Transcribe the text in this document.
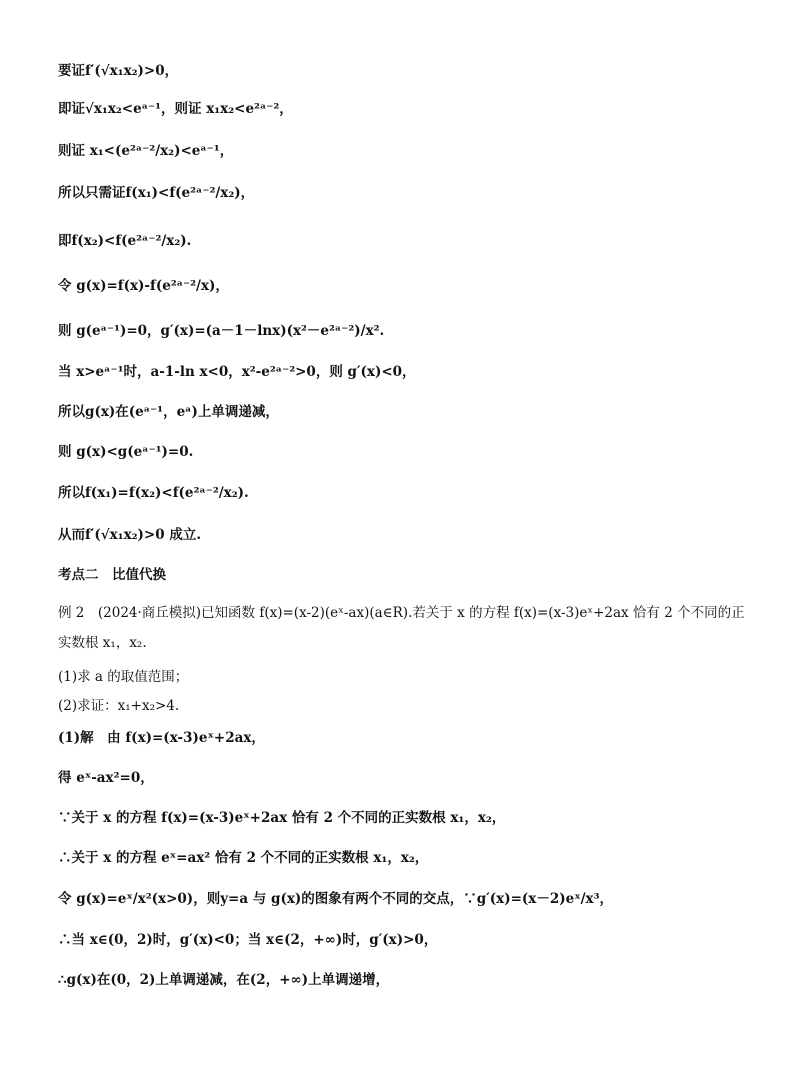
要证f′(√x₁x₂)>0，
即证√x₁x₂<eᵃ⁻¹，则证 x₁x₂<e²ᵃ⁻²，
则证 x₁<(e²ᵃ⁻²/x₂)<eᵃ⁻¹，
所以只需证f(x₁)<f(e²ᵃ⁻²/x₂)，
即f(x₂)<f(e²ᵃ⁻²/x₂).
令 g(x)=f(x)-f(e²ᵃ⁻²/x)，
则 g(eᵃ⁻¹)=0，g′(x)=(a－1－lnx)(x²－e²ᵃ⁻²)/x².
当 x>eᵃ⁻¹时，a-1-ln x<0，x²-e²ᵃ⁻²>0，则 g′(x)<0，
所以g(x)在(eᵃ⁻¹，eᵃ)上单调递减，
则 g(x)<g(eᵃ⁻¹)=0.
所以f(x₁)=f(x₂)<f(e²ᵃ⁻²/x₂).
从而f′(√x₁x₂)>0 成立.
考点二　比值代换
例 2　(2024·商丘模拟)已知函数 f(x)=(x-2)(eˣ-ax)(a∈R).若关于 x 的方程 f(x)=(x-3)eˣ+2ax 恰有 2 个不同的正实数根 x₁，x₂.
(1)求 a 的取值范围；
(2)求证：x₁+x₂>4.
(1)解　由 f(x)=(x-3)eˣ+2ax，
得 eˣ-ax²=0，
∵关于 x 的方程 f(x)=(x-3)eˣ+2ax 恰有 2 个不同的正实数根 x₁，x₂，
∴关于 x 的方程 eˣ=ax² 恰有 2 个不同的正实数根 x₁，x₂，
令 g(x)=eˣ/x²(x>0)，则y=a 与 g(x)的图象有两个不同的交点，∵g′(x)=(x－2)eˣ/x³，
∴当 x∈(0，2)时，g′(x)<0；当 x∈(2，+∞)时，g′(x)>0，
∴g(x)在(0，2)上单调递减，在(2，+∞)上单调递增，
